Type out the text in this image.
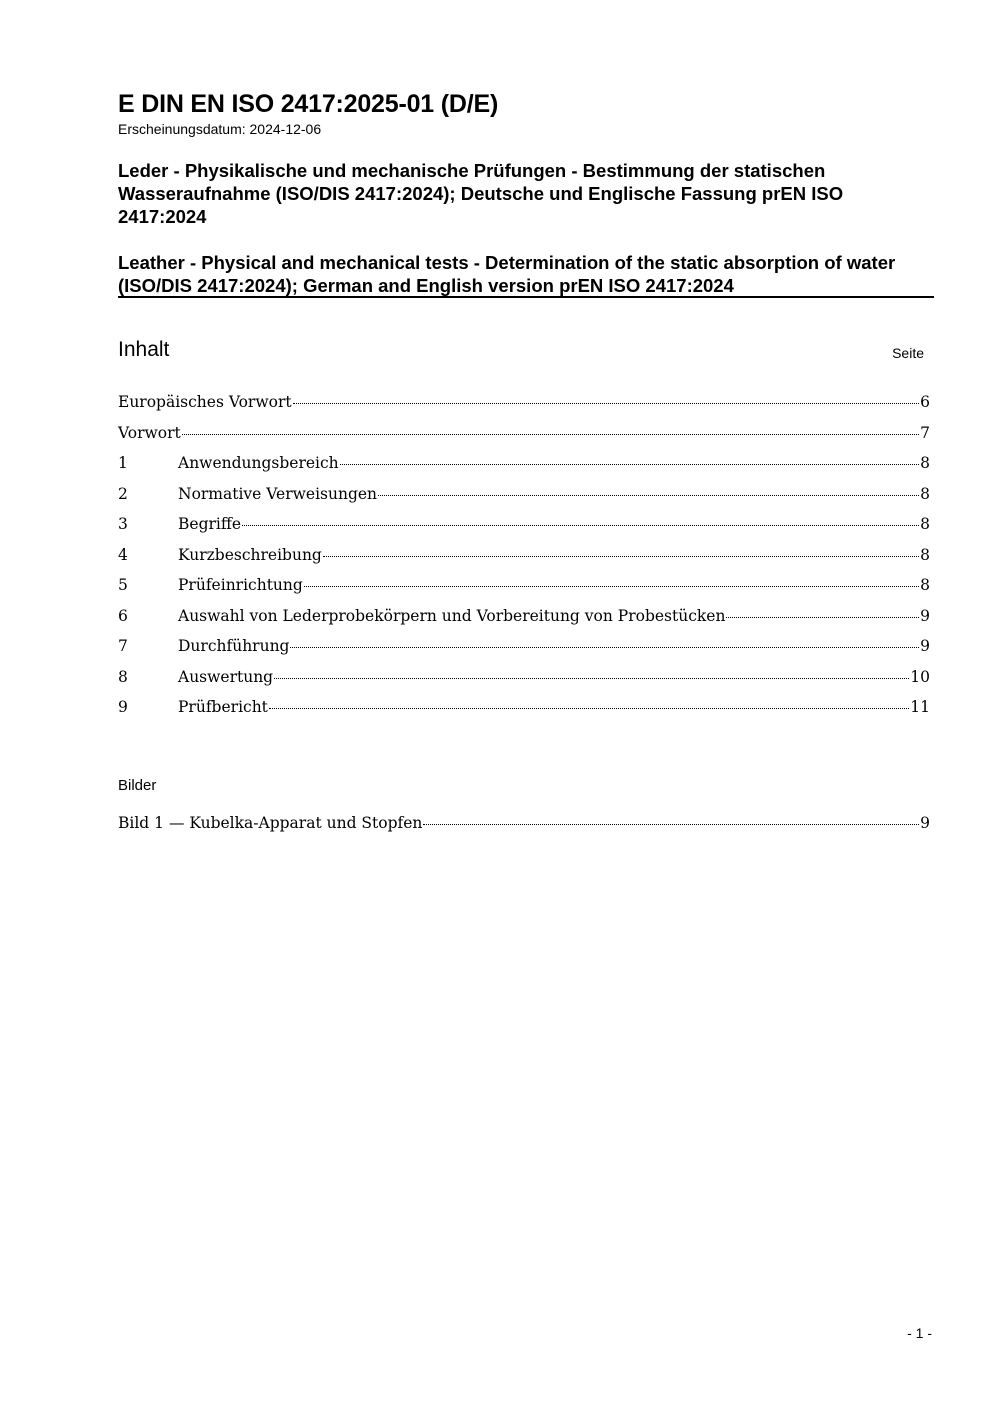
E DIN EN ISO 2417:2025-01 (D/E)
Erscheinungsdatum: 2024-12-06
Leder - Physikalische und mechanische Prüfungen - Bestimmung der statischen Wasseraufnahme (ISO/DIS 2417:2024); Deutsche und Englische Fassung prEN ISO 2417:2024
Leather - Physical and mechanical tests - Determination of the static absorption of water (ISO/DIS 2417:2024); German and English version prEN ISO 2417:2024
Inhalt	Seite
Europäisches Vorwort	6
Vorwort	7
1	Anwendungsbereich	8
2	Normative Verweisungen	8
3	Begriffe	8
4	Kurzbeschreibung	8
5	Prüfeinrichtung	8
6	Auswahl von Lederprobekörpern und Vorbereitung von Probestücken	9
7	Durchführung	9
8	Auswertung	10
9	Prüfbericht	11
Bilder
Bild 1 — Kubelka-Apparat und Stopfen	9
- 1 -
